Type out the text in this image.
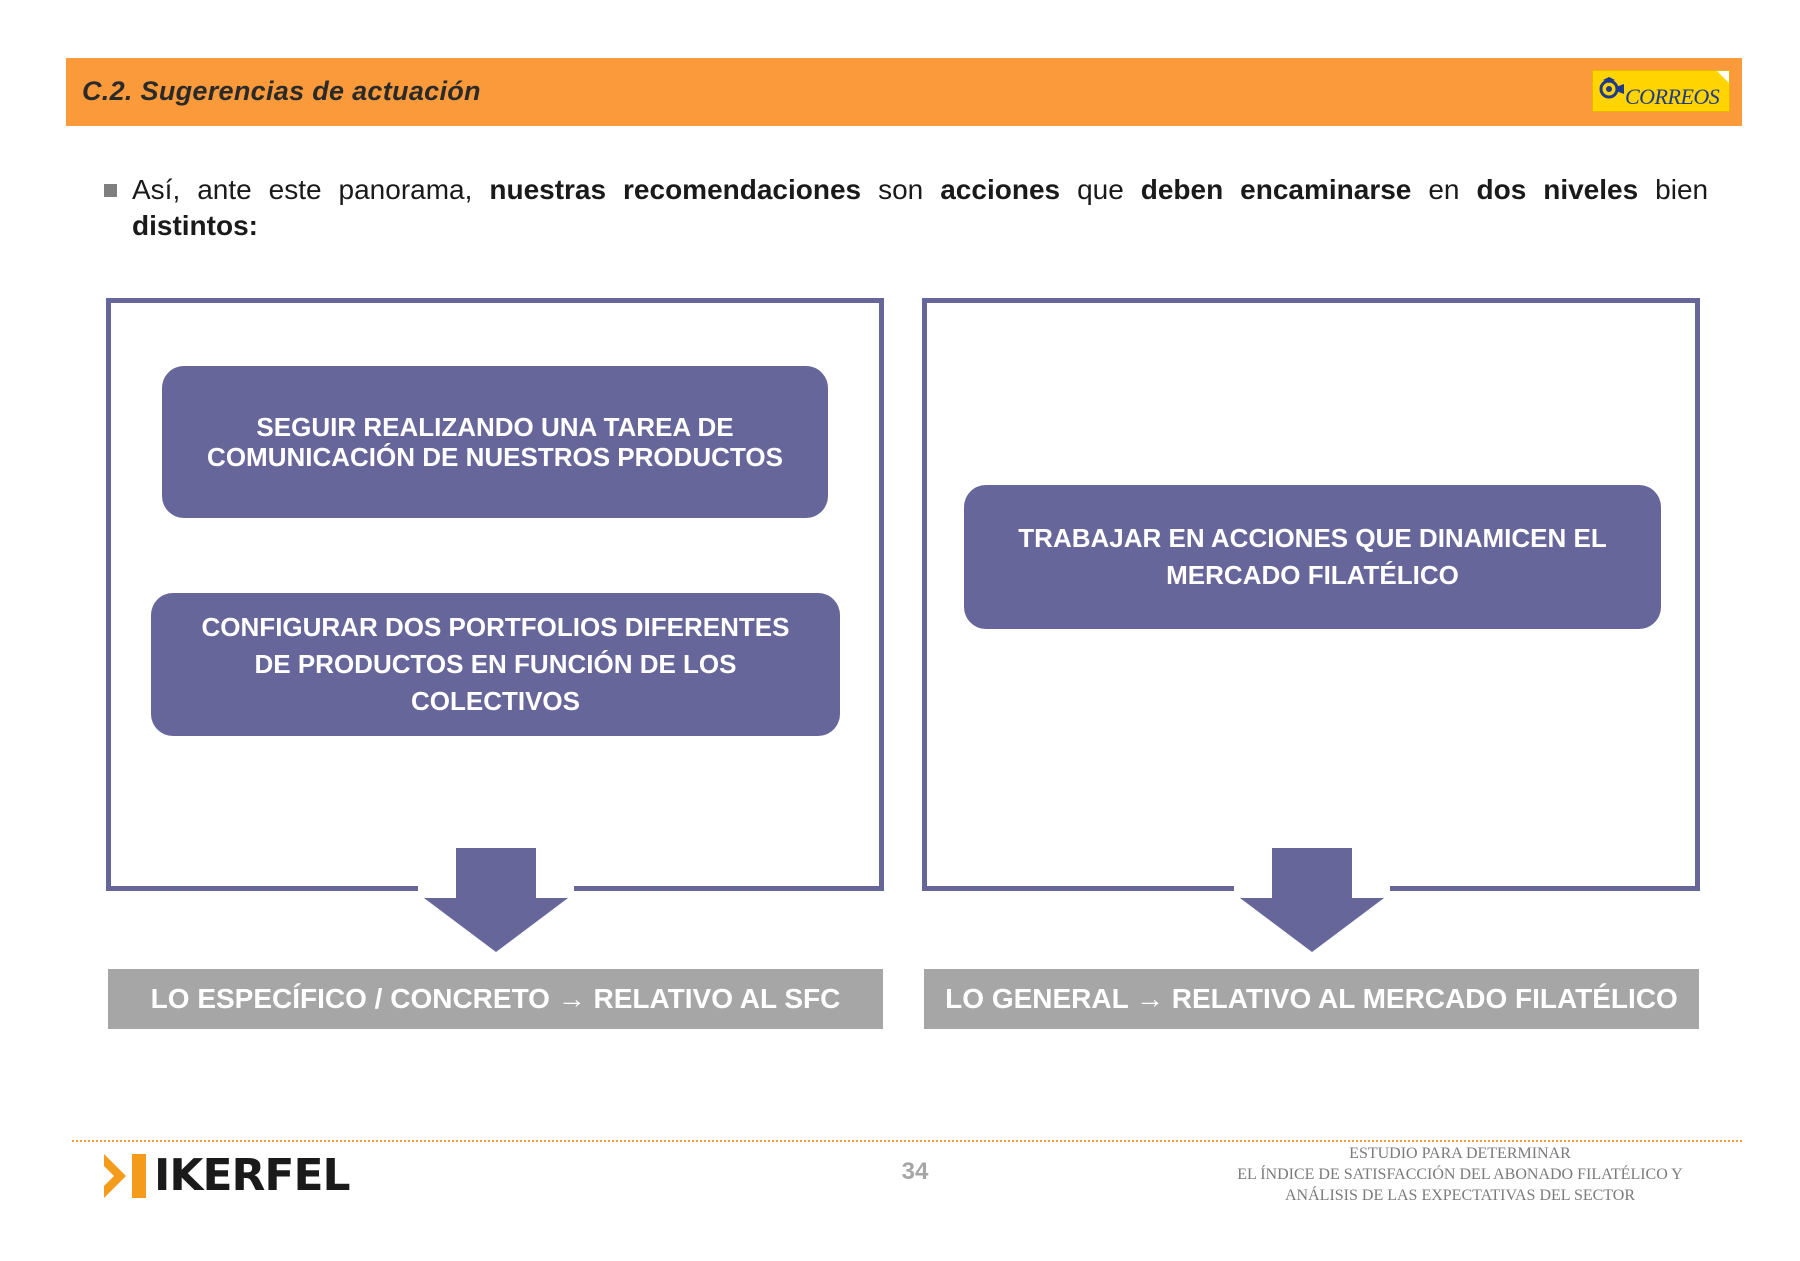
C.2. Sugerencias de actuación	CORREOS
Así, ante este panorama, nuestras recomendaciones son acciones que deben encaminarse en dos niveles bien distintos:
SEGUIR REALIZANDO UNA TAREA DE COMUNICACIÓN DE NUESTROS PRODUCTOS
CONFIGURAR DOS PORTFOLIOS DIFERENTES DE PRODUCTOS EN FUNCIÓN DE LOS COLECTIVOS
TRABAJAR EN ACCIONES QUE DINAMICEN EL MERCADO FILATÉLICO
LO ESPECÍFICO / CONCRETO → RELATIVO AL SFC	LO GENERAL → RELATIVO AL MERCADO FILATÉLICO
IKERFEL	34
ESTUDIO PARA DETERMINAR
EL ÍNDICE DE SATISFACCIÓN DEL ABONADO FILATÉLICO Y
ANÁLISIS DE LAS EXPECTATIVAS DEL SECTOR
